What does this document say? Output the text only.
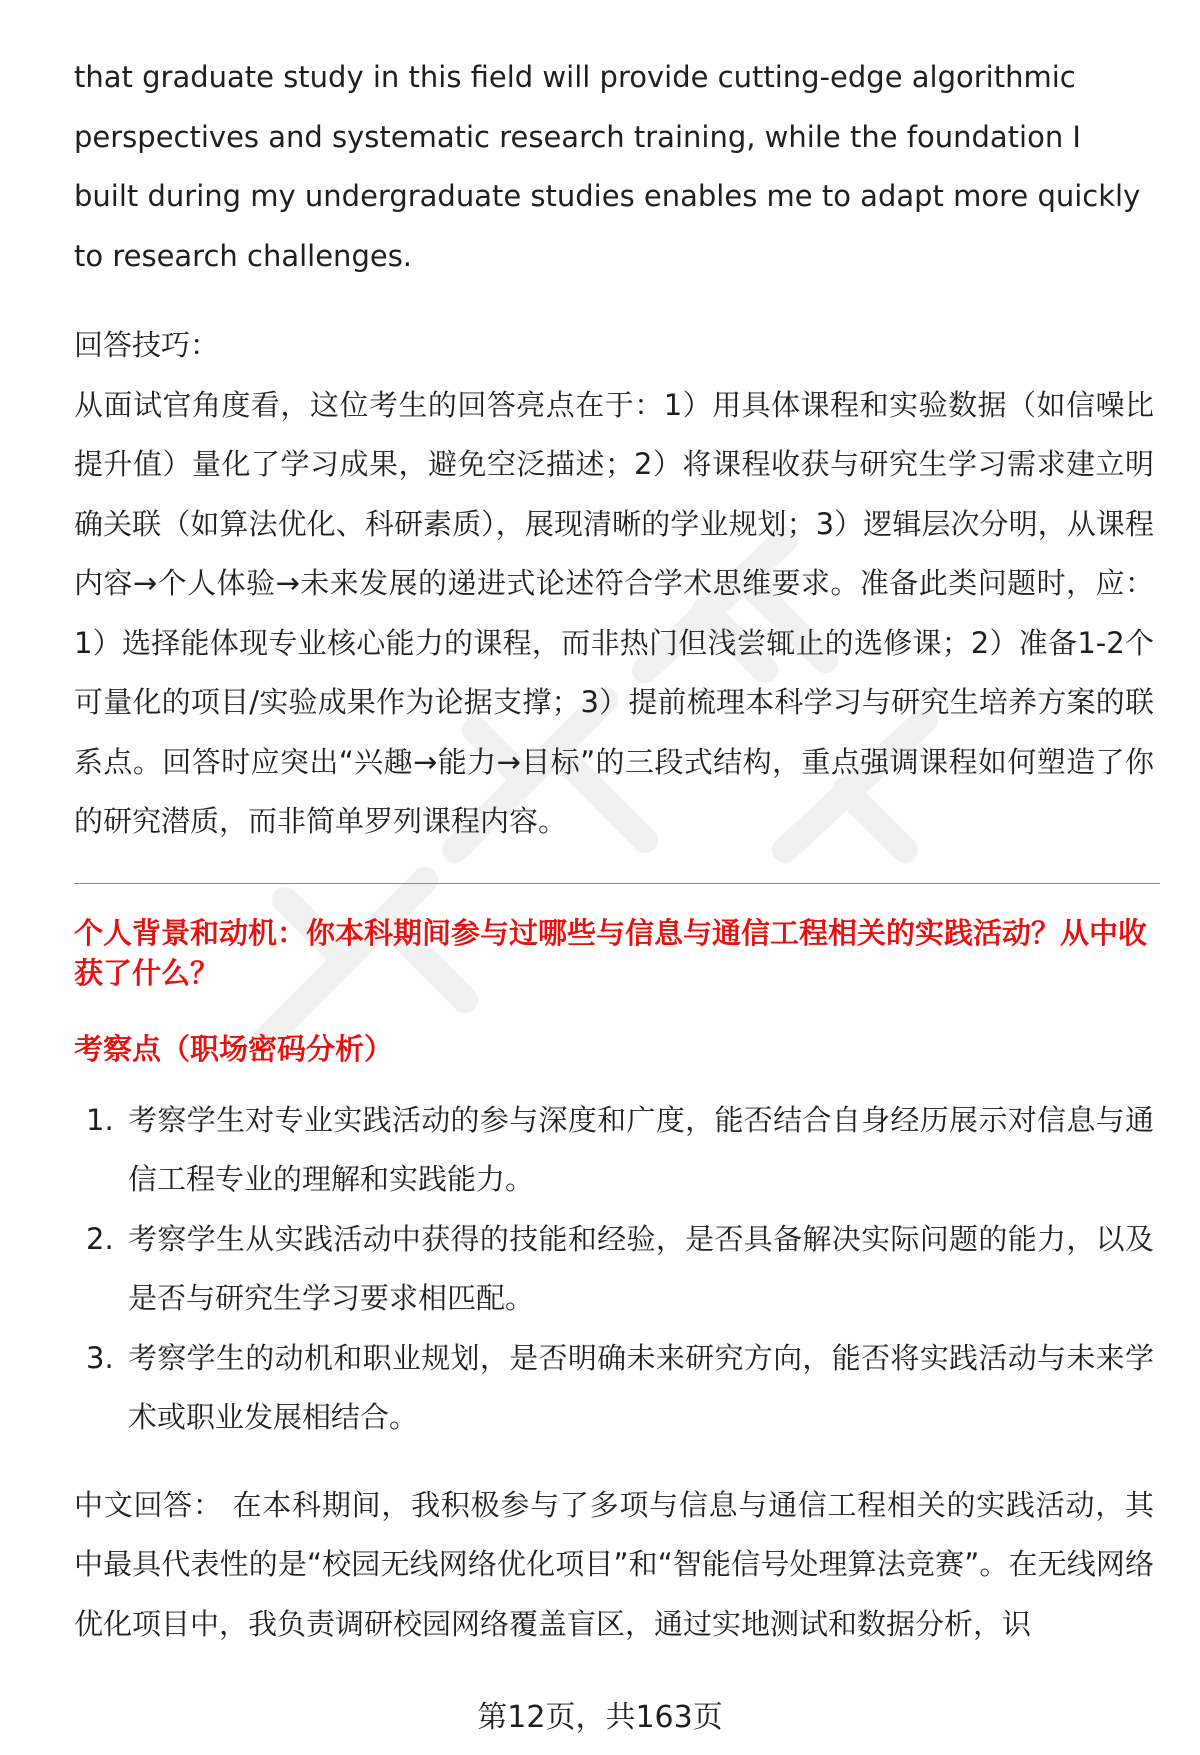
that graduate study in this field will provide cutting-edge algorithmic perspectives and systematic research training, while the foundation I built during my undergraduate studies enables me to adapt more quickly to research challenges.

回答技巧：

从面试官角度看，这位考生的回答亮点在于：1）用具体课程和实验数据（如信噪比提升值）量化了学习成果，避免空泛描述；2）将课程收获与研究生学习需求建立明确关联（如算法优化、科研素质），展现清晰的学业规划；3）逻辑层次分明，从课程内容→个人体验→未来发展的递进式论述符合学术思维要求。准备此类问题时，应：1）选择能体现专业核心能力的课程，而非热门但浅尝辄止的选修课；2）准备1-2个可量化的项目/实验成果作为论据支撑；3）提前梳理本科学习与研究生培养方案的联系点。回答时应突出“兴趣→能力→目标”的三段式结构，重点强调课程如何塑造了你的研究潜质，而非简单罗列课程内容。

个人背景和动机：你本科期间参与过哪些与信息与通信工程相关的实践活动？从中收获了什么？

考察点（职场密码分析）

1. 考察学生对专业实践活动的参与深度和广度，能否结合自身经历展示对信息与通信工程专业的理解和实践能力。
2. 考察学生从实践活动中获得的技能和经验，是否具备解决实际问题的能力，以及是否与研究生学习要求相匹配。
3. 考察学生的动机和职业规划，是否明确未来研究方向，能否将实践活动与未来学术或职业发展相结合。

中文回答： 在本科期间，我积极参与了多项与信息与通信工程相关的实践活动，其中最具代表性的是“校园无线网络优化项目”和“智能信号处理算法竞赛”。在无线网络优化项目中，我负责调研校园网络覆盖盲区，通过实地测试和数据分析，识

第12页，共163页
